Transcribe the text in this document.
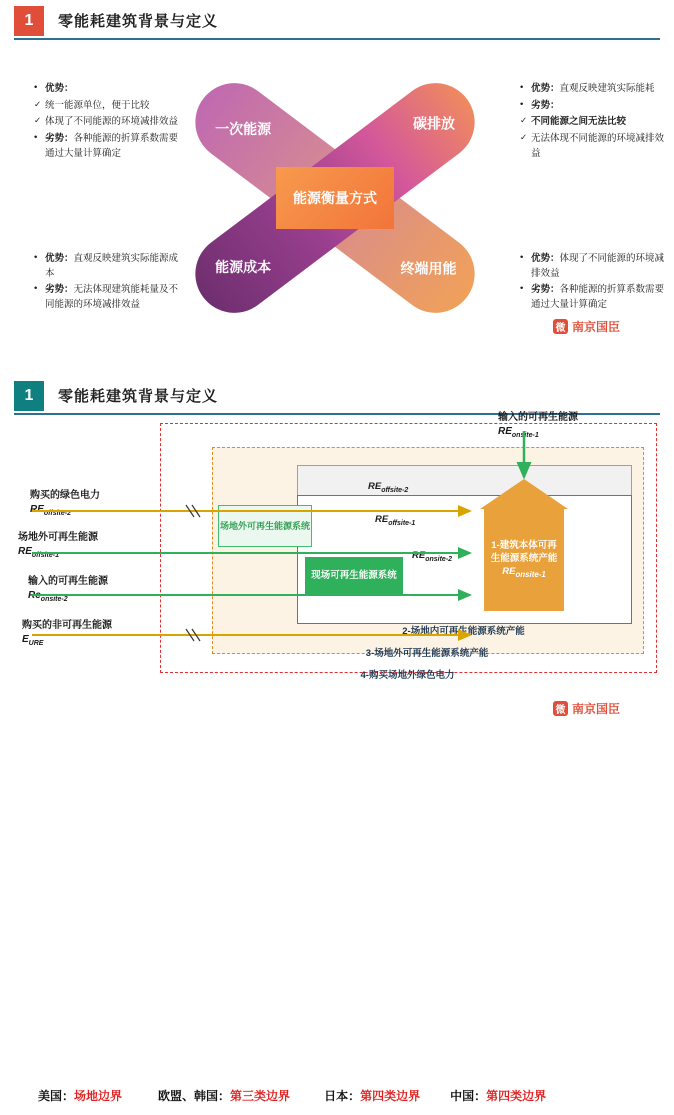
1	零能耗建筑背景与定义
一次能源
终端用能
能源成本
碳排放
能源衡量方式
• 优势：
✓ 统一能源单位，便于比较
✓ 体现了不同能源的环境减排效益
• 劣势：各种能源的折算系数需要通过大量计算确定
• 优势：直观反映建筑实际能耗
• 劣势：
✓ 不同能源之间无法比较
✓ 无法体现不同能源的环境减排效益
• 优势：直观反映建筑实际能源成本
• 劣势：无法体现建筑能耗量及不同能源的环境减排效益
• 优势：体现了不同能源的环境减排效益
• 劣势：各种能源的折算系数需要通过大量计算确定
微 南京国臣
1	零能耗建筑背景与定义
1-建筑本体可再生能源系统产能
$RE_{onsite-1}$
场地外可再生能源系统
现场可再生能源系统
输入的可再生能源
$RE_{onsite-1}$
购买的绿色电力
$RE_{offsite-2}$
场地外可再生能源
$RE_{offsite-1}$
输入的可再生能源
$Re_{onsite-2}$
购买的非可再生能源
$E_{URE}$
$RE_{offsite-2}$
$RE_{offsite-1}$
$RE_{onsite-2}$
2-场地内可再生能源系统产能
3-场地外可再生能源系统产能
4-购买场地外绿色电力
美国： 场地边界	欧盟、韩国： 第三类边界	日本： 第四类边界	中国： 第四类边界
微 南京国臣
